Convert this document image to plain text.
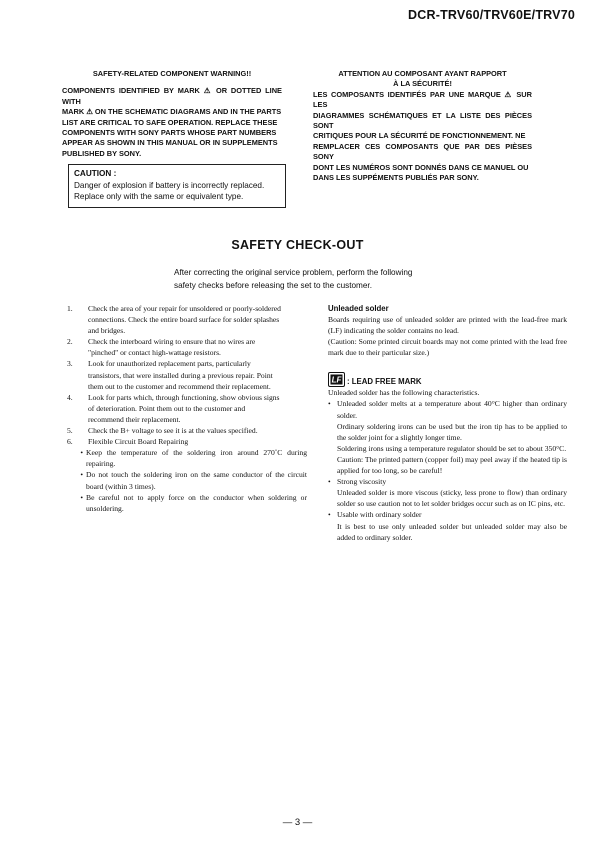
DCR-TRV60/TRV60E/TRV70
SAFETY-RELATED COMPONENT WARNING!!

COMPONENTS IDENTIFIED BY MARK ⚠ OR DOTTED LINE WITH
MARK ⚠ ON THE SCHEMATIC DIAGRAMS AND IN THE PARTS
LIST ARE CRITICAL TO SAFE OPERATION. REPLACE THESE
COMPONENTS WITH SONY PARTS WHOSE PART NUMBERS
APPEAR AS SHOWN IN THIS MANUAL OR IN SUPPLEMENTS
PUBLISHED BY SONY.

ATTENTION AU COMPOSANT AYANT RAPPORT
À LA SÉCURITÉ!

LES COMPOSANTS IDENTIFÉS PAR UNE MARQUE ⚠ SUR LES
DIAGRAMMES SCHÉMATIQUES ET LA LISTE DES PIÈCES SONT
CRITIQUES POUR LA SÉCURITÉ DE FONCTIONNEMENT. NE
REMPLACER CES COMPOSANTS QUE PAR DES PIÈSES SONY
DONT LES NUMÉROS SONT DONNÉS DANS CE MANUEL OU
DANS LES SUPPÉMENTS PUBLIÉS PAR SONY.

CAUTION :
Danger of explosion if battery is incorrectly replaced.
Replace only with the same or equivalent type.
SAFETY CHECK-OUT
After correcting the original service problem, perform the following
safety checks before releasing the set to the customer.
1.	Check the area of your repair for unsoldered or poorly-soldered
connections. Check the entire board surface for solder splashes
and bridges.
2.	Check the interboard wiring to ensure that no wires are
"pinched" or contact high-wattage resistors.
3.	Look for unauthorized replacement parts, particularly
transistors, that were installed during a previous repair. Point
them out to the customer and recommend their replacement.
4.	Look for parts which, through functioning, show obvious signs
of deterioration. Point them out to the customer and
recommend their replacement.
5.	Check the B+ voltage to see it is at the values specified.
6.	Flexible Circuit Board Repairing
• Keep the temperature of the soldering iron around 270˚C during repairing.
• Do not touch the soldering iron on the same conductor of the circuit board (within 3 times).
• Be careful not to apply force on the conductor when soldering or unsoldering.
Unleaded solder
Boards requiring use of unleaded solder are printed with the lead-free mark (LF) indicating the solder contains no lead.
(Caution: Some printed circuit boards may not come printed with the lead free mark due to their particular size.)
LF : LEAD FREE MARK
Unleaded solder has the following characteristics.
• Unleaded solder melts at a temperature about 40°C higher than ordinary solder.
Ordinary soldering irons can be used but the iron tip has to be applied to the solder joint for a slightly longer time.
Soldering irons using a temperature regulator should be set to about 350°C.
Caution: The printed pattern (copper foil) may peel away if the heated tip is applied for too long, so be careful!
• Strong viscosity
Unleaded solder is more viscous (sticky, less prone to flow) than ordinary solder so use caution not to let solder bridges occur such as on IC pins, etc.
• Usable with ordinary solder
It is best to use only unleaded solder but unleaded solder may also be added to ordinary solder.
— 3 —
